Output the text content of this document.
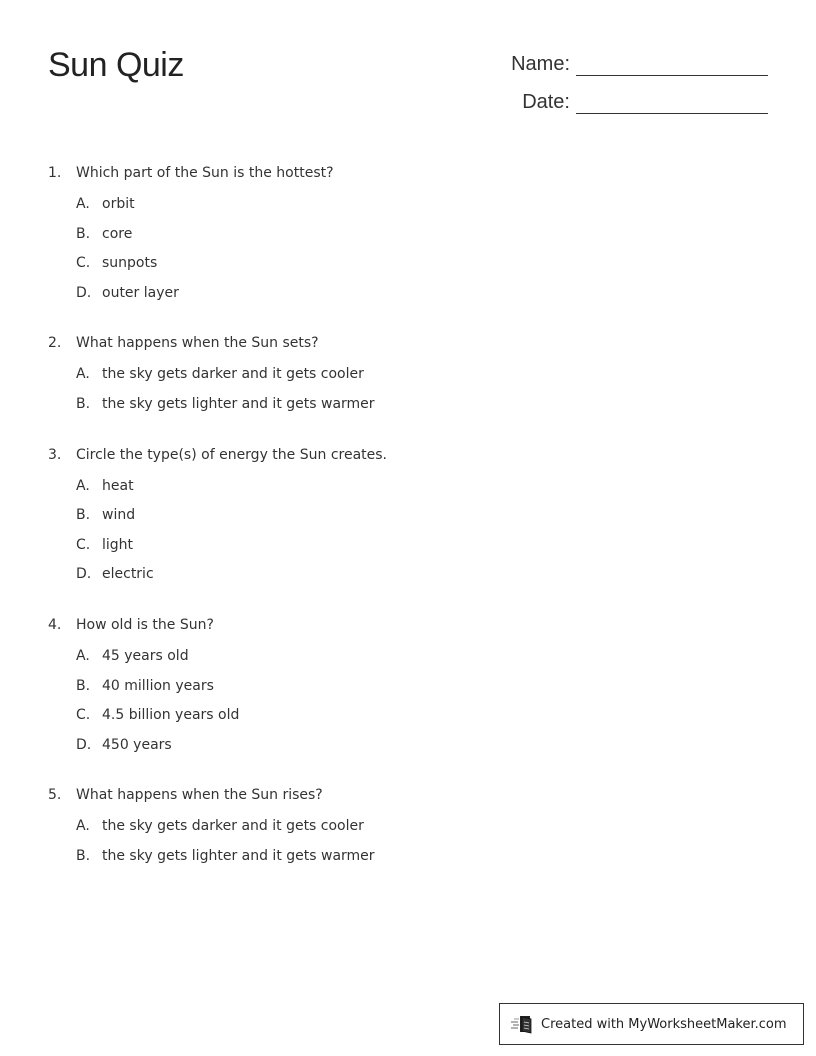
Sun Quiz	Name:
Date:
1.	Which part of the Sun is the hottest?
A. orbit
B. core
C. sunpots
D. outer layer
2.	What happens when the Sun sets?
A. the sky gets darker and it gets cooler
B. the sky gets lighter and it gets warmer
3.	Circle the type(s) of energy the Sun creates.
A. heat
B. wind
C. light
D. electric
4.	How old is the Sun?
A. 45 years old
B. 40 million years
C. 4.5 billion years old
D. 450 years
5.	What happens when the Sun rises?
A. the sky gets darker and it gets cooler
B. the sky gets lighter and it gets warmer
Created with MyWorksheetMaker.com
